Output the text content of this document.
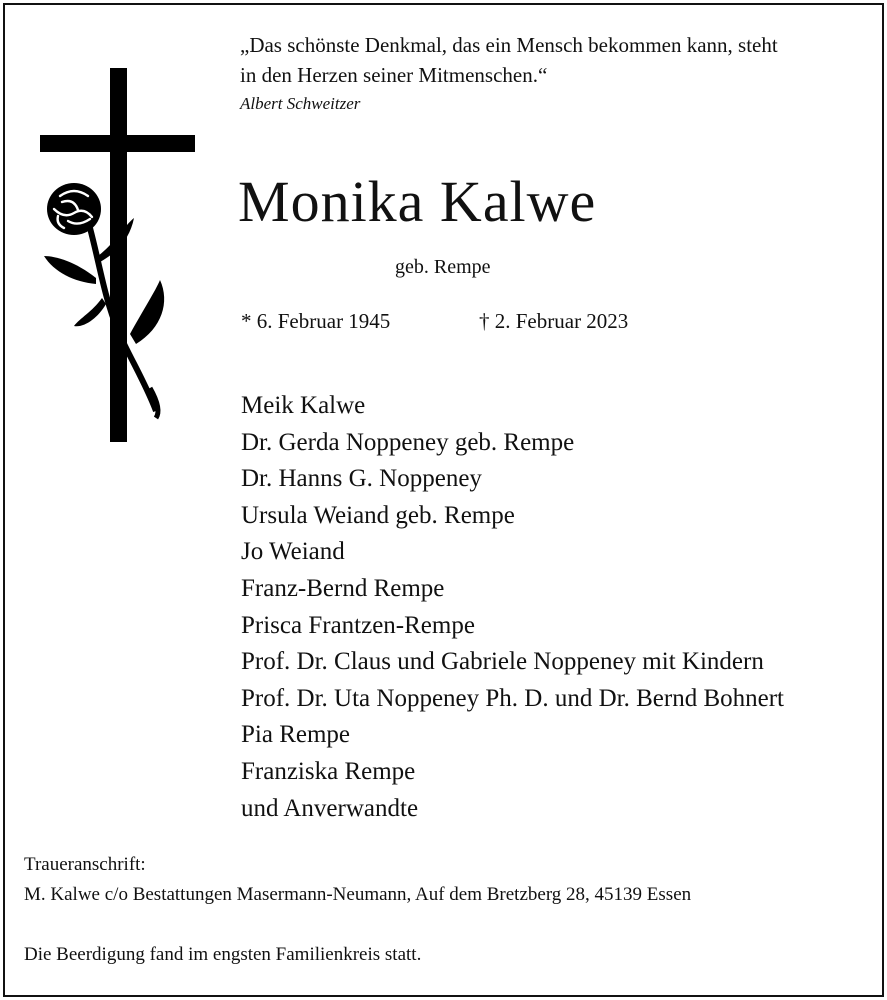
„Das schönste Denkmal, das ein Mensch bekommen kann, steht
in den Herzen seiner Mitmenschen.“
Albert Schweitzer
Monika Kalwe
geb. Rempe
* 6. Februar 1945	† 2. Februar 2023
Meik Kalwe
Dr. Gerda Noppeney geb. Rempe
Dr. Hanns G. Noppeney
Ursula Weiand geb. Rempe
Jo Weiand
Franz-Bernd Rempe
Prisca Frantzen-Rempe
Prof. Dr. Claus und Gabriele Noppeney mit Kindern
Prof. Dr. Uta Noppeney Ph. D. und Dr. Bernd Bohnert
Pia Rempe
Franziska Rempe
und Anverwandte
Traueranschrift:
M. Kalwe c/o Bestattungen Masermann-Neumann, Auf dem Bretzberg 28, 45139 Essen
Die Beerdigung fand im engsten Familienkreis statt.
